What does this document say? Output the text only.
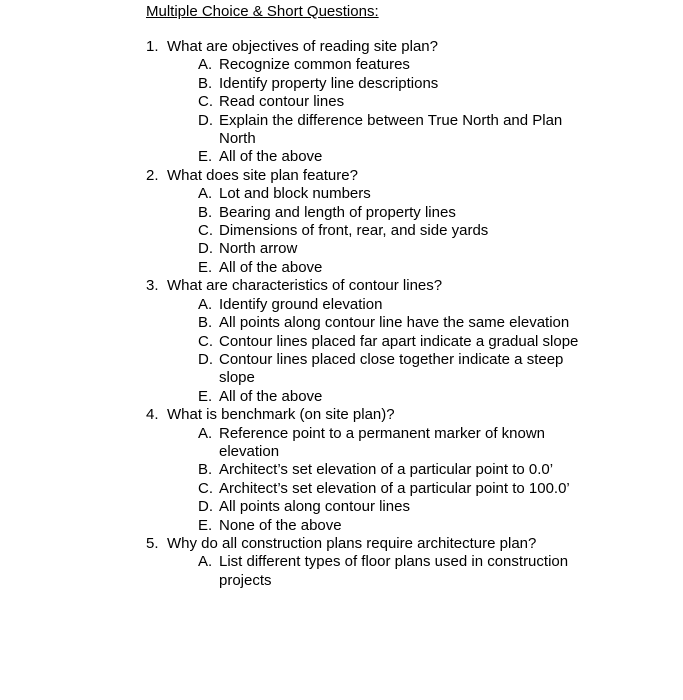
Multiple Choice & Short Questions:
1. What are objectives of reading site plan?
A. Recognize common features
B. Identify property line descriptions
C. Read contour lines
D. Explain the difference between True North and Plan North
E. All of the above
2. What does site plan feature?
A. Lot and block numbers
B. Bearing and length of property lines
C. Dimensions of front, rear, and side yards
D. North arrow
E. All of the above
3. What are characteristics of contour lines?
A. Identify ground elevation
B. All points along contour line have the same elevation
C. Contour lines placed far apart indicate a gradual slope
D. Contour lines placed close together indicate a steep slope
E. All of the above
4. What is benchmark (on site plan)?
A. Reference point to a permanent marker of known elevation
B. Architect’s set elevation of a particular point to 0.0’
C. Architect’s set elevation of a particular point to 100.0’
D. All points along contour lines
E. None of the above
5. Why do all construction plans require architecture plan?
A. List different types of floor plans used in construction projects
